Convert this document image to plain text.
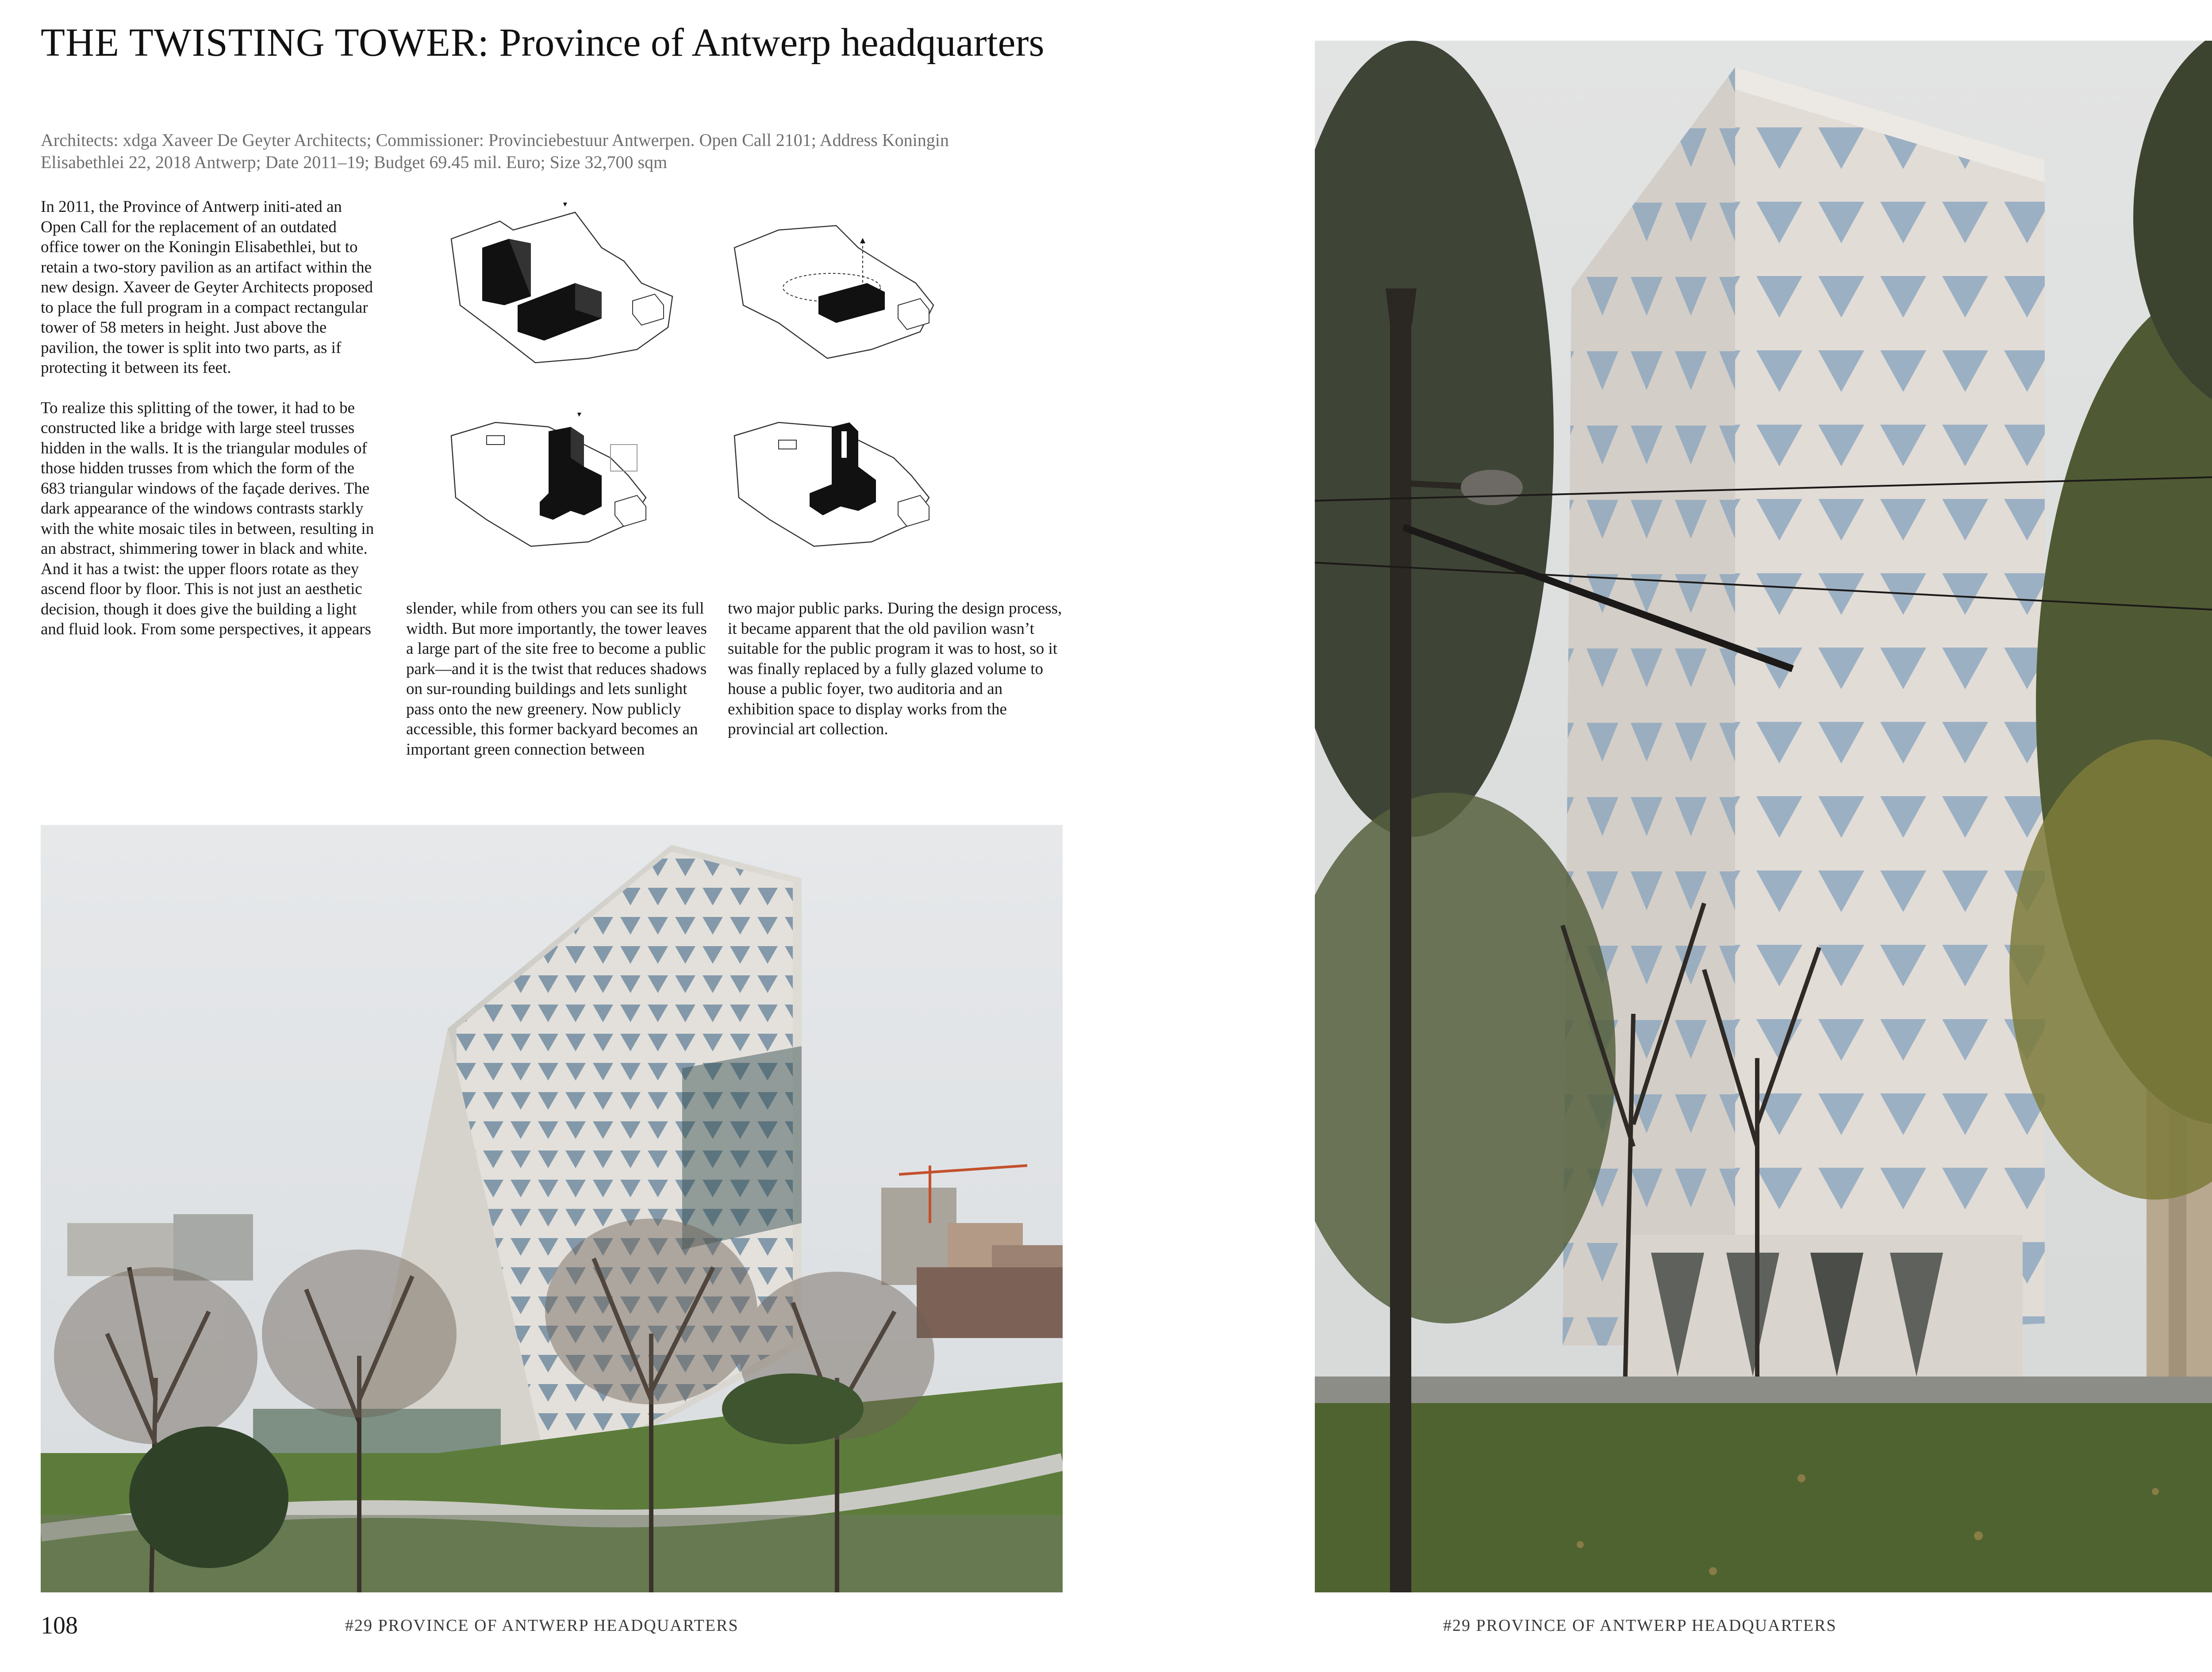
THE TWISTING TOWER: Province of Antwerp headquarters
Architects: xdga Xaveer De Geyter Architects; Commissioner: Provinciebestuur Antwerpen. Open Call 2101; Address Koningin Elisabethlei 22, 2018 Antwerp; Date 2011–19; Budget 69.45 mil. Euro; Size 32,700 sqm

In 2011, the Province of Antwerp initi-ated an Open Call for the replacement of an outdated office tower on the Koningin Elisabethlei, but to retain a two-story pavilion as an artifact within the new design. Xaveer de Geyter Architects proposed to place the full program in a compact rectangular tower of 58 meters in height. Just above the pavilion, the tower is split into two parts, as if protecting it between its feet.

To realize this splitting of the tower, it had to be constructed like a bridge with large steel trusses hidden in the walls. It is the triangular modules of those hidden trusses from which the form of the 683 triangular windows of the façade derives. The dark appearance of the windows contrasts starkly with the white mosaic tiles in between, resulting in an abstract, shimmering tower in black and white. And it has a twist: the upper floors rotate as they ascend floor by floor. This is not just an aesthetic decision, though it does give the building a light and fluid look. From some perspectives, it appears

slender, while from others you can see its full width. But more importantly, the tower leaves a large part of the site free to become a public park—and it is the twist that reduces shadows on sur-rounding buildings and lets sunlight pass onto the new greenery. Now publicly accessible, this former backyard becomes an important green connection between
two major public parks. During the design process, it became apparent that the old pavilion wasn’t suitable for the public program it was to host, so it was finally replaced by a fully glazed volume to house a public foyer, two auditoria and an exhibition space to display works from the provincial art collection.
108	#29 PROVINCE OF ANTWERP HEADQUARTERS	#29 PROVINCE OF ANTWERP HEADQUARTERS
